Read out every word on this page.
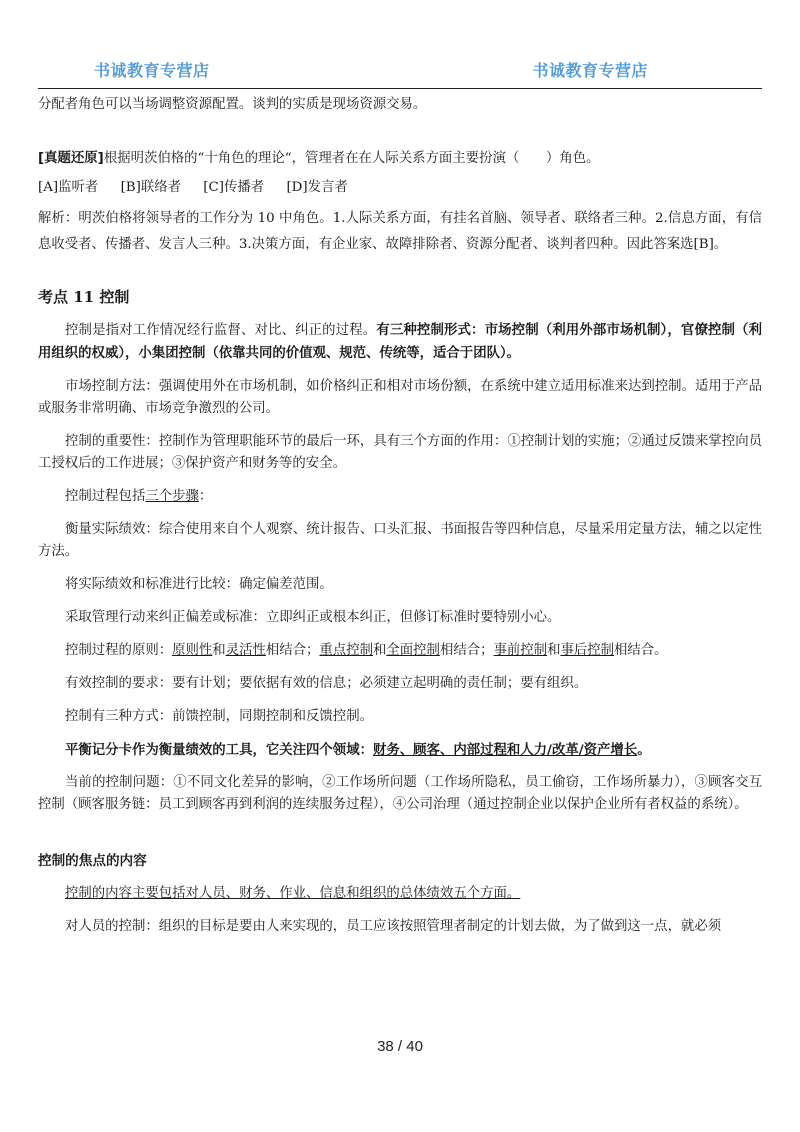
书诚教育专营店	书诚教育专营店

分配者角色可以当场调整资源配置。谈判的实质是现场资源交易。

[真题还原]根据明茨伯格的“十角色的理论“，管理者在在人际关系方面主要扮演（　　）角色。

[A]监听者 [B]联络者 [C]传播者 [D]发言者

解析：明茨伯格将领导者的工作分为 10 中角色。1.人际关系方面，有挂名首脑、领导者、联络者三种。2.信息方面，有信息收受者、传播者、发言人三种。3.决策方面，有企业家、故障排除者、资源分配者、谈判者四种。因此答案选[B]。

考点 11 控制

控制是指对工作情况经行监督、对比、纠正的过程。有三种控制形式：市场控制（利用外部市场机制），官僚控制（利用组织的权威），小集团控制（依靠共同的价值观、规范、传统等，适合于团队）。

市场控制方法：强调使用外在市场机制，如价格纠正和相对市场份额，在系统中建立适用标准来达到控制。适用于产品或服务非常明确、市场竞争激烈的公司。

控制的重要性：控制作为管理职能环节的最后一环，具有三个方面的作用：①控制计划的实施；②通过反馈来掌控向员工授权后的工作进展；③保护资产和财务等的安全。

控制过程包括三个步骤：

衡量实际绩效：综合使用来自个人观察、统计报告、口头汇报、书面报告等四种信息，尽量采用定量方法，辅之以定性方法。

将实际绩效和标准进行比较：确定偏差范围。

采取管理行动来纠正偏差或标准：立即纠正或根本纠正，但修订标准时要特别小心。

控制过程的原则：原则性和灵活性相结合；重点控制和全面控制相结合；事前控制和事后控制相结合。

有效控制的要求：要有计划；要依据有效的信息；必须建立起明确的责任制；要有组织。

控制有三种方式：前馈控制，同期控制和反馈控制。

平衡记分卡作为衡量绩效的工具，它关注四个领域：财务、顾客、内部过程和人力/改革/资产增长。

当前的控制问题：①不同文化差异的影响，②工作场所问题（工作场所隐私，员工偷窃，工作场所暴力），③顾客交互控制（顾客服务链：员工到顾客再到利润的连续服务过程），④公司治理（通过控制企业以保护企业所有者权益的系统）。

控制的焦点的内容

控制的内容主要包括对人员、财务、作业、信息和组织的总体绩效五个方面。

对人员的控制：组织的目标是要由人来实现的，员工应该按照管理者制定的计划去做，为了做到这一点，就必须

38 / 40
